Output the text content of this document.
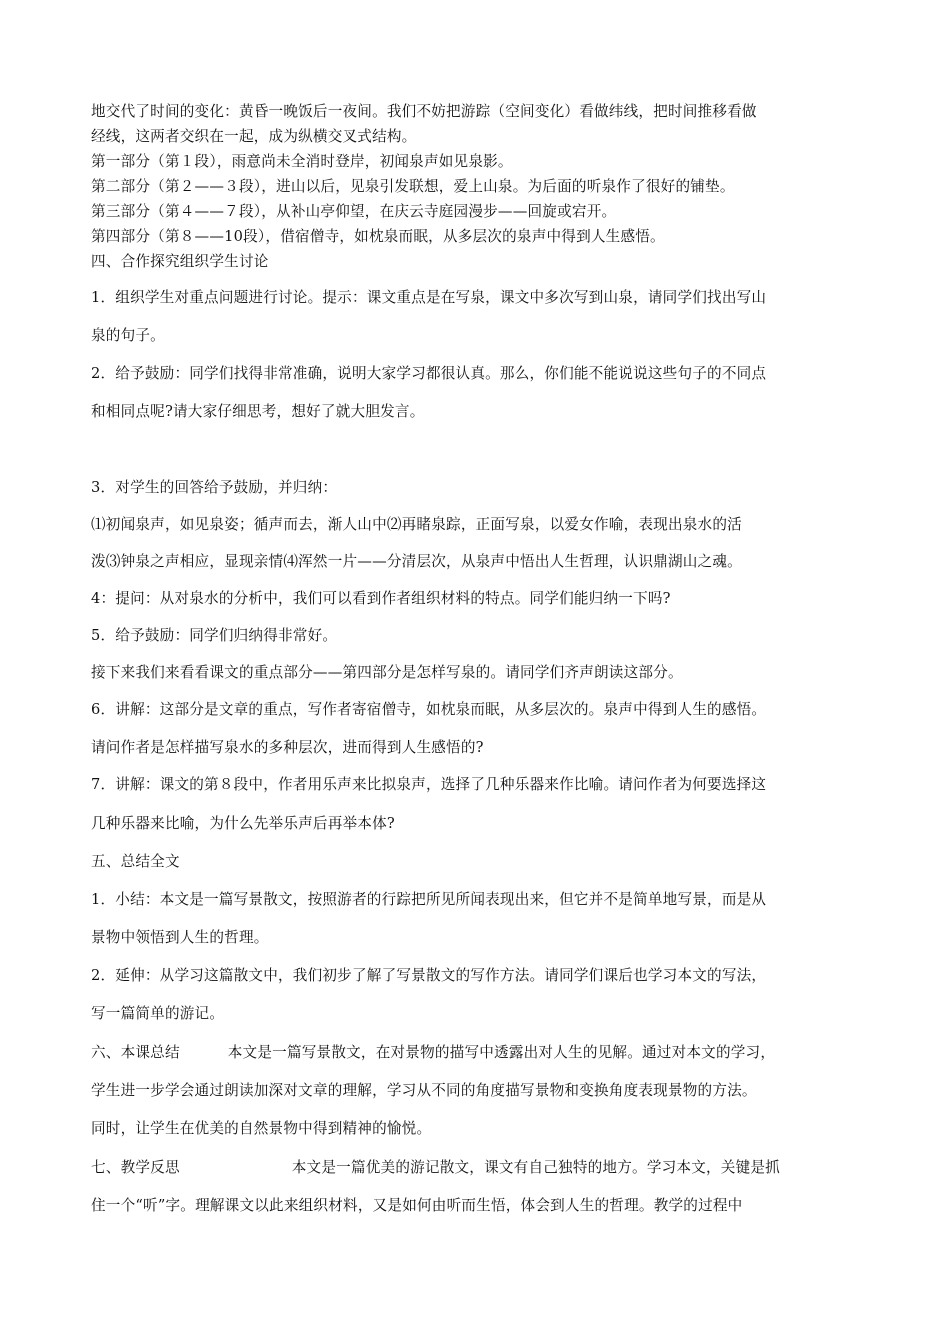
地交代了时间的变化：黄昏一晚饭后一夜间。我们不妨把游踪（空间变化）看做纬线，把时间推移看做

经线，这两者交织在一起，成为纵横交叉式结构。

第一部分（第１段），雨意尚未全消时登岸，初闻泉声如见泉影。

第二部分（第２——３段），进山以后，见泉引发联想，爱上山泉。为后面的听泉作了很好的铺垫。

第三部分（第４——７段），从补山亭仰望，在庆云寺庭园漫步——回旋或宕开。

第四部分（第８——10段），借宿僧寺，如枕泉而眠，从多层次的泉声中得到人生感悟。

四、合作探究组织学生讨论

1．组织学生对重点问题进行讨论。提示：课文重点是在写泉，课文中多次写到山泉，请同学们找出写山

泉的句子。

2．给予鼓励：同学们找得非常准确，说明大家学习都很认真。那么，你们能不能说说这些句子的不同点

和相同点呢?请大家仔细思考，想好了就大胆发言。

3．对学生的回答给予鼓励，并归纳：

⑴初闻泉声，如见泉姿；循声而去，渐人山中⑵再睹泉踪，正面写泉，以爱女作喻，表现出泉水的活

泼⑶钟泉之声相应，显现亲情⑷浑然一片——分清层次，从泉声中悟出人生哲理，认识鼎湖山之魂。

4：提问：从对泉水的分析中，我们可以看到作者组织材料的特点。同学们能归纳一下吗?

5．给予鼓励：同学们归纳得非常好。

接下来我们来看看课文的重点部分——第四部分是怎样写泉的。请同学们齐声朗读这部分。

6．讲解：这部分是文章的重点，写作者寄宿僧寺，如枕泉而眠，从多层次的。泉声中得到人生的感悟。

请问作者是怎样描写泉水的多种层次，进而得到人生感悟的?

7．讲解：课文的第８段中，作者用乐声来比拟泉声，选择了几种乐器来作比喻。请问作者为何要选择这

几种乐器来比喻，为什么先举乐声后再举本体?

五、总结全文

1．小结：本文是一篇写景散文，按照游者的行踪把所见所闻表现出来，但它并不是简单地写景，而是从

景物中领悟到人生的哲理。

2．延伸：从学习这篇散文中，我们初步了解了写景散文的写作方法。请同学们课后也学习本文的写法，

写一篇简单的游记。

六、本课总结	本文是一篇写景散文，在对景物的描写中透露出对人生的见解。通过对本文的学习，

学生进一步学会通过朗读加深对文章的理解，学习从不同的角度描写景物和变换角度表现景物的方法。

同时，让学生在优美的自然景物中得到精神的愉悦。

七、教学反思	本文是一篇优美的游记散文，课文有自己独特的地方。学习本文，关键是抓

住一个“听”字。理解课文以此来组织材料，又是如何由听而生悟，体会到人生的哲理。教学的过程中
